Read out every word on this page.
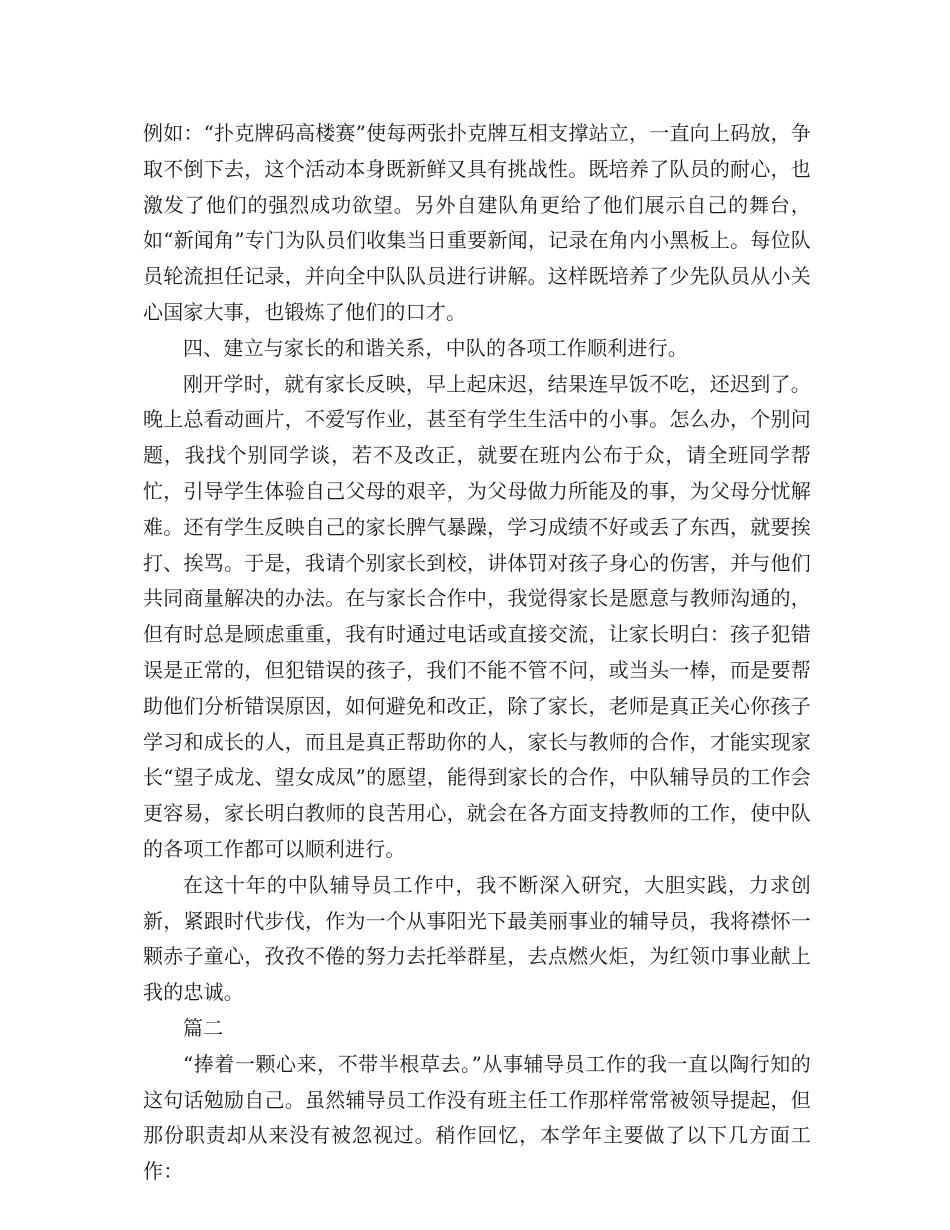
例如：“扑克牌码高楼赛”使每两张扑克牌互相支撑站立，一直向上码放，争取不倒下去，这个活动本身既新鲜又具有挑战性。既培养了队员的耐心，也激发了他们的强烈成功欲望。另外自建队角更给了他们展示自己的舞台，如“新闻角”专门为队员们收集当日重要新闻，记录在角内小黑板上。每位队员轮流担任记录，并向全中队队员进行讲解。这样既培养了少先队员从小关心国家大事，也锻炼了他们的口才。

四、建立与家长的和谐关系，中队的各项工作顺利进行。

刚开学时，就有家长反映，早上起床迟，结果连早饭不吃，还迟到了。晚上总看动画片，不爱写作业，甚至有学生生活中的小事。怎么办，个别问题，我找个别同学谈，若不及改正，就要在班内公布于众，请全班同学帮忙，引导学生体验自己父母的艰辛，为父母做力所能及的事，为父母分忧解难。还有学生反映自己的家长脾气暴躁，学习成绩不好或丢了东西，就要挨打、挨骂。于是，我请个别家长到校，讲体罚对孩子身心的伤害，并与他们共同商量解决的办法。在与家长合作中，我觉得家长是愿意与教师沟通的，但有时总是顾虑重重，我有时通过电话或直接交流，让家长明白：孩子犯错误是正常的，但犯错误的孩子，我们不能不管不问，或当头一棒，而是要帮助他们分析错误原因，如何避免和改正，除了家长，老师是真正关心你孩子学习和成长的人，而且是真正帮助你的人，家长与教师的合作，才能实现家长“望子成龙、望女成凤”的愿望，能得到家长的合作，中队辅导员的工作会更容易，家长明白教师的良苦用心，就会在各方面支持教师的工作，使中队的各项工作都可以顺利进行。

在这十年的中队辅导员工作中，我不断深入研究，大胆实践，力求创新，紧跟时代步伐，作为一个从事阳光下最美丽事业的辅导员，我将襟怀一颗赤子童心，孜孜不倦的努力去托举群星，去点燃火炬，为红领巾事业献上我的忠诚。

篇二

“捧着一颗心来，不带半根草去。”从事辅导员工作的我一直以陶行知的这句话勉励自己。虽然辅导员工作没有班主任工作那样常常被领导提起，但那份职责却从来没有被忽视过。稍作回忆，本学年主要做了以下几方面工作：
